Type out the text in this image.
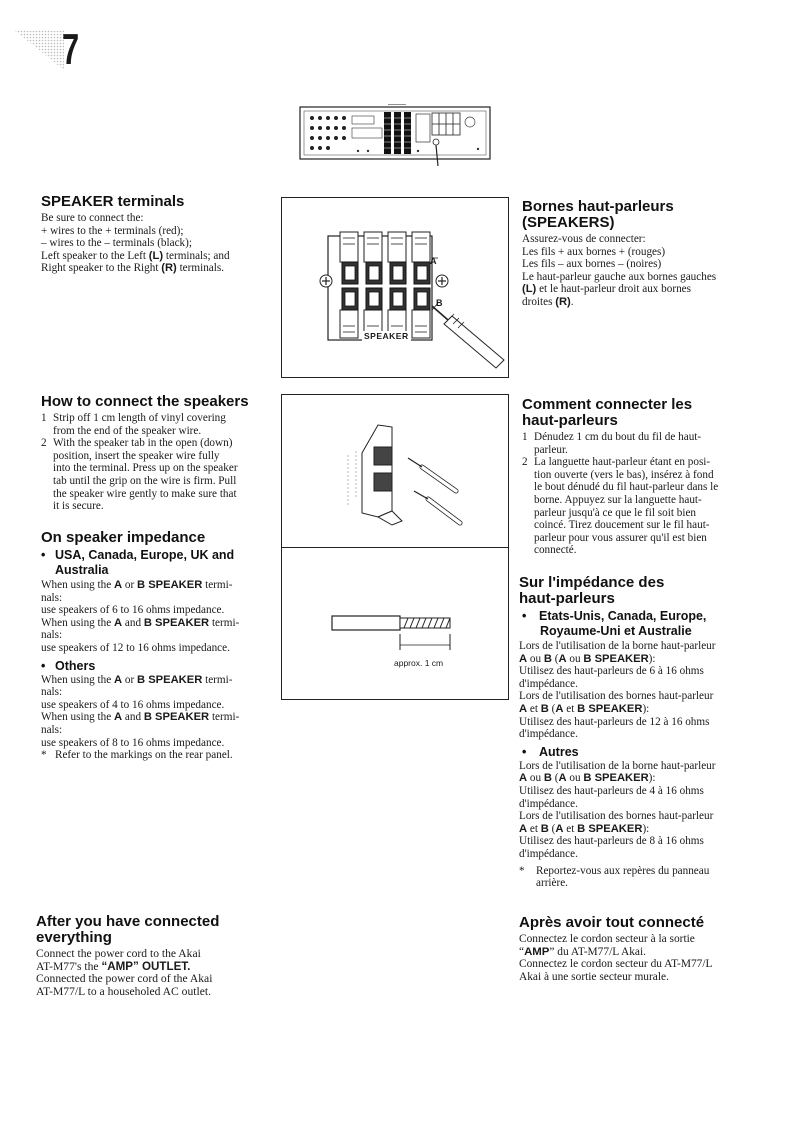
7
SPEAKER terminals
Be sure to connect the:
+ wires to the + terminals (red);
– wires to the – terminals (black);
Left speaker to the Left (L) terminals; and
Right speaker to the Right (R) terminals.
How to connect the speakers
1 Strip off 1 cm length of vinyl covering
from the end of the speaker wire.
2 With the speaker tab in the open (down)
position, insert the speaker wire fully
into the terminal. Press up on the speaker
tab until the grip on the wire is firm. Pull
the speaker wire gently to make sure that
it is secure.
On speaker impedance
• USA, Canada, Europe, UK and
Australia
When using the A or B SPEAKER termi-
nals:
use speakers of 6 to 16 ohms impedance.
When using the A and B SPEAKER termi-
nals:
use speakers of 12 to 16 ohms impedance.
• Others
When using the A or B SPEAKER termi-
nals:
use speakers of 4 to 16 ohms impedance.
When using the A and B SPEAKER termi-
nals:
use speakers of 8 to 16 ohms impedance.
* Refer to the markings on the rear panel.
After you have connected
everything
Connect the power cord to the Akai
AT-M77's the “AMP” OUTLET.
Connected the power cord of the Akai
AT-M77/L to a householed AC outlet.
A
B
SPEAKER
approx. 1 cm
Bornes haut-parleurs
(SPEAKERS)
Assurez-vous de connecter:
Les fils + aux bornes + (rouges)
Les fils – aux bornes – (noires)
Le haut-parleur gauche aux bornes gauches
(L) et le haut-parleur droit aux bornes
droites (R).
Comment connecter les
haut-parleurs
1 Dénudez 1 cm du bout du fil de haut-
parleur.
2 La languette haut-parleur étant en posi-
tion ouverte (vers le bas), insérez à fond
le bout dénudé du fil haut-parleur dans le
borne. Appuyez sur la languette haut-
parleur jusqu'à ce que le fil soit bien
coincé. Tirez doucement sur le fil haut-
parleur pour vous assurer qu'il est bien
connecté.
Sur l'impédance des
haut-parleurs
•	Etats-Unis, Canada, Europe,
Royaume-Uni et Australie
Lors de l'utilisation de la borne haut-parleur
A ou B (A ou B SPEAKER):
Utilisez des haut-parleurs de 6 à 16 ohms
d'impédance.
Lors de l'utilisation des bornes haut-parleur
A et B (A et B SPEAKER):
Utilisez des haut-parleurs de 12 à 16 ohms
d'impédance.
•	Autres
Lors de l'utilisation de la borne haut-parleur
A ou B (A ou B SPEAKER):
Utilisez des haut-parleurs de 4 à 16 ohms
d'impédance.
Lors de l'utilisation des bornes haut-parleur
A et B (A et B SPEAKER):
Utilisez des haut-parleurs de 8 à 16 ohms
d'impédance.
*	Reportez-vous aux repères du panneau
arrière.
Après avoir tout connecté
Connectez le cordon secteur à la sortie
“AMP” du AT-M77/L Akai.
Connectez le cordon secteur du AT-M77/L
Akai à une sortie secteur murale.
